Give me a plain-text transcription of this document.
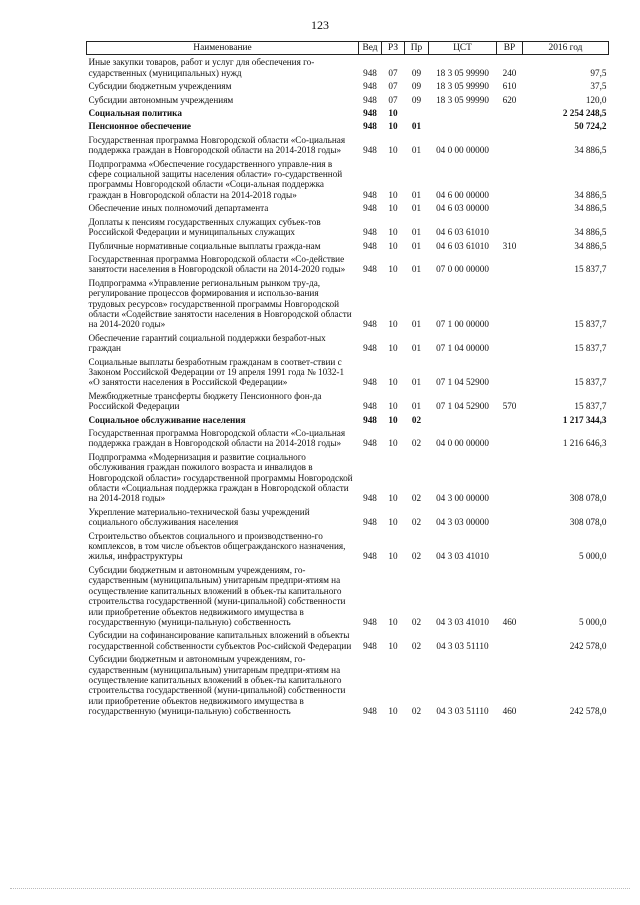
123
Наименование	Вед	РЗ	Пр	ЦСТ	ВР	2016 год
Иные закупки товаров, работ и услуг для обеспечения го-сударственных (муниципальных) нужд	948	07	09	18 3 05 99990	240	97,5
Субсидии бюджетным учреждениям	948	07	09	18 3 05 99990	610	37,5
Субсидии автономным учреждениям	948	07	09	18 3 05 99990	620	120,0
Социальная политика	948	10				2 254 248,5
Пенсионное обеспечение	948	10	01			50 724,2
Государственная программа Новгородской области «Со-циальная поддержка граждан в Новгородской области на 2014-2018 годы»	948	10	01	04 0 00 00000		34 886,5
Подпрограмма «Обеспечение государственного управле-ния в сфере социальной защиты населения области» го-сударственной программы Новгородской области «Соци-альная поддержка граждан в Новгородской области на 2014-2018 годы»	948	10	01	04 6 00 00000		34 886,5
Обеспечение иных полномочий департамента	948	10	01	04 6 03 00000		34 886,5
Доплаты к пенсиям государственных служащих субъек-тов Российской Федерации и муниципальных служащих	948	10	01	04 6 03 61010		34 886,5
Публичные нормативные социальные выплаты гражда-нам	948	10	01	04 6 03 61010	310	34 886,5
Государственная программа Новгородской области «Со-действие занятости населения в Новгородской области на 2014-2020 годы»	948	10	01	07 0 00 00000		15 837,7
Подпрограмма «Управление региональным рынком тру-да, регулирование процессов формирования и использо-вания трудовых ресурсов» государственной программы Новгородской области «Содействие занятости населения в Новгородской области на 2014-2020 годы»	948	10	01	07 1 00 00000		15 837,7
Обеспечение гарантий социальной поддержки безработ-ных граждан	948	10	01	07 1 04 00000		15 837,7
Социальные выплаты безработным гражданам в соответ-ствии с Законом Российской Федерации от 19 апреля 1991 года № 1032-1 «О занятости населения в Российской Федерации»	948	10	01	07 1 04 52900		15 837,7
Межбюджетные трансферты бюджету Пенсионного фон-да Российской Федерации	948	10	01	07 1 04 52900	570	15 837,7
Социальное обслуживание населения	948	10	02			1 217 344,3
Государственная программа Новгородской области «Со-циальная поддержка граждан в Новгородской области на 2014-2018 годы»	948	10	02	04 0 00 00000		1 216 646,3
Подпрограмма «Модернизация и развитие социального обслуживания граждан пожилого возраста и инвалидов в Новгородской области» государственной программы Новгородской области «Социальная поддержка граждан в Новгородской области на 2014-2018 годы»	948	10	02	04 3 00 00000		308 078,0
Укрепление материально-технической базы учреждений социального обслуживания населения	948	10	02	04 3 03 00000		308 078,0
Строительство объектов социального и производственно-го комплексов, в том числе объектов общегражданского назначения, жилья, инфраструктуры	948	10	02	04 3 03 41010		5 000,0
Субсидии бюджетным и автономным учреждениям, го-сударственным (муниципальным) унитарным предпри-ятиям на осуществление капитальных вложений в объек-ты капитального строительства государственной (муни-ципальной) собственности или приобретение объектов недвижимого имущества в государственную (муници-пальную) собственность	948	10	02	04 3 03 41010	460	5 000,0
Субсидии на софинансирование капитальных вложений в объекты государственной собственности субъектов Рос-сийской Федерации	948	10	02	04 3 03 51110		242 578,0
Субсидии бюджетным и автономным учреждениям, го-сударственным (муниципальным) унитарным предпри-ятиям на осуществление капитальных вложений в объек-ты капитального строительства государственной (муни-ципальной) собственности или приобретение объектов недвижимого имущества в государственную (муници-пальную) собственность	948	10	02	04 3 03 51110	460	242 578,0
